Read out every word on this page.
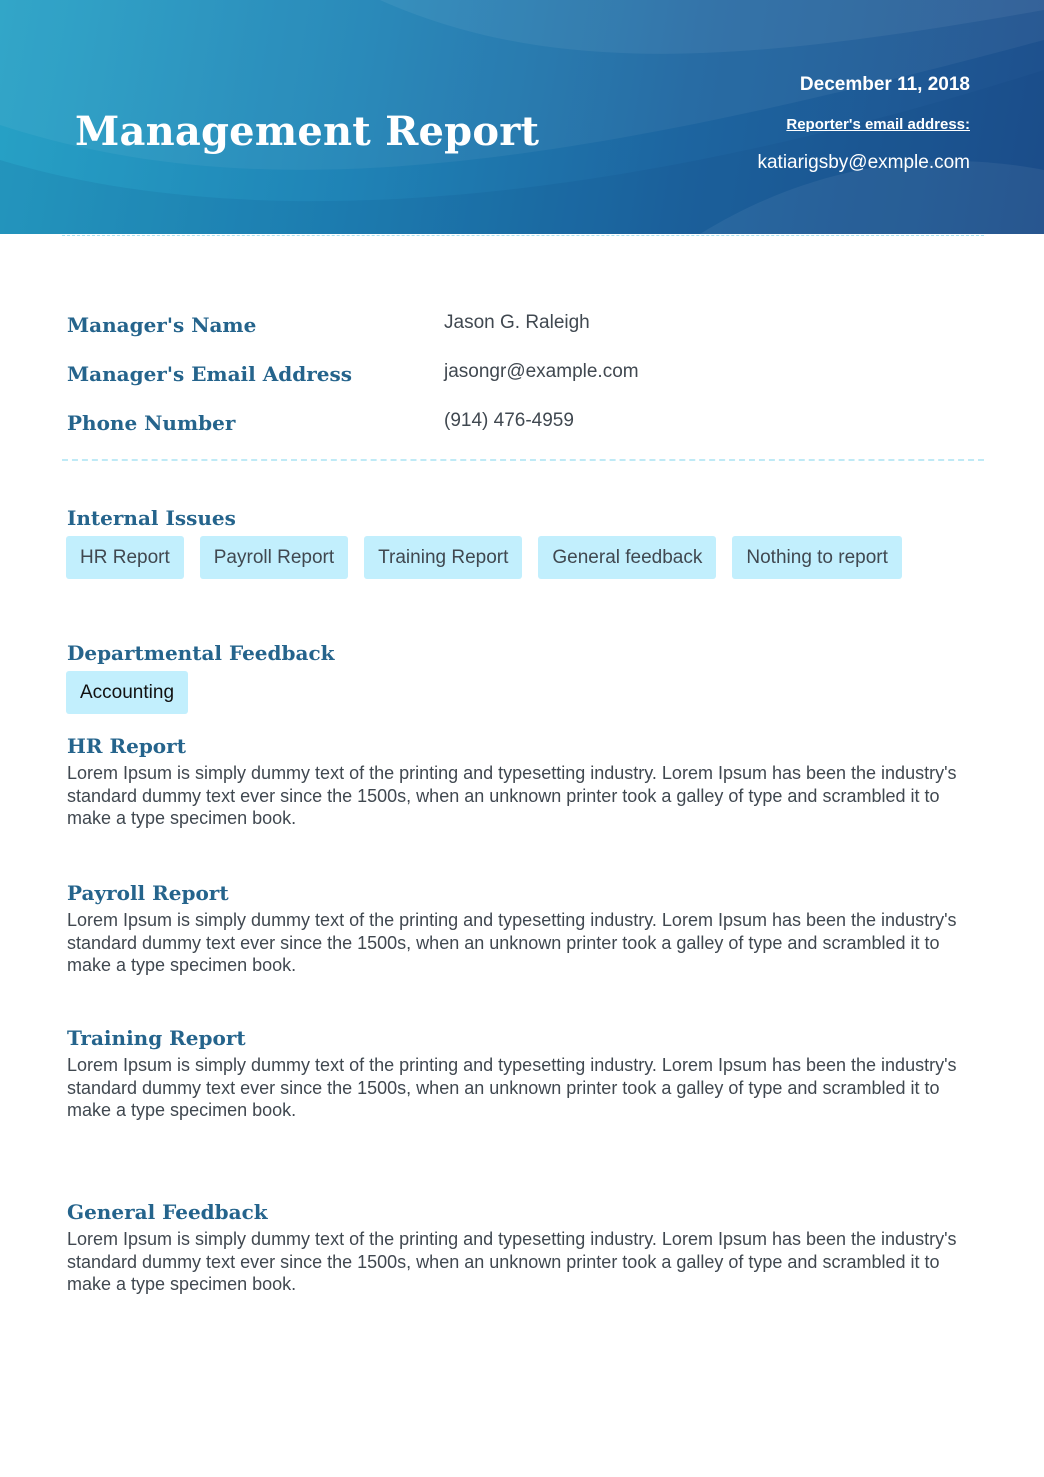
Management Report
December 11, 2018
Reporter's email address:
katiarigsby@exmple.com
Manager's Name	Jason G. Raleigh
Manager's Email Address	jasongr@example.com
Phone Number	(914) 476-4959
Internal Issues
HR Report	Payroll Report	Training Report	General feedback	Nothing to report
Departmental Feedback
Accounting
HR Report

Lorem Ipsum is simply dummy text of the printing and typesetting industry. Lorem Ipsum has been the industry's standard dummy text ever since the 1500s, when an unknown printer took a galley of type and scrambled it to make a type specimen book.

Payroll Report

Lorem Ipsum is simply dummy text of the printing and typesetting industry. Lorem Ipsum has been the industry's standard dummy text ever since the 1500s, when an unknown printer took a galley of type and scrambled it to make a type specimen book.

Training Report

Lorem Ipsum is simply dummy text of the printing and typesetting industry. Lorem Ipsum has been the industry's standard dummy text ever since the 1500s, when an unknown printer took a galley of type and scrambled it to make a type specimen book.

General Feedback

Lorem Ipsum is simply dummy text of the printing and typesetting industry. Lorem Ipsum has been the industry's standard dummy text ever since the 1500s, when an unknown printer took a galley of type and scrambled it to make a type specimen book.
